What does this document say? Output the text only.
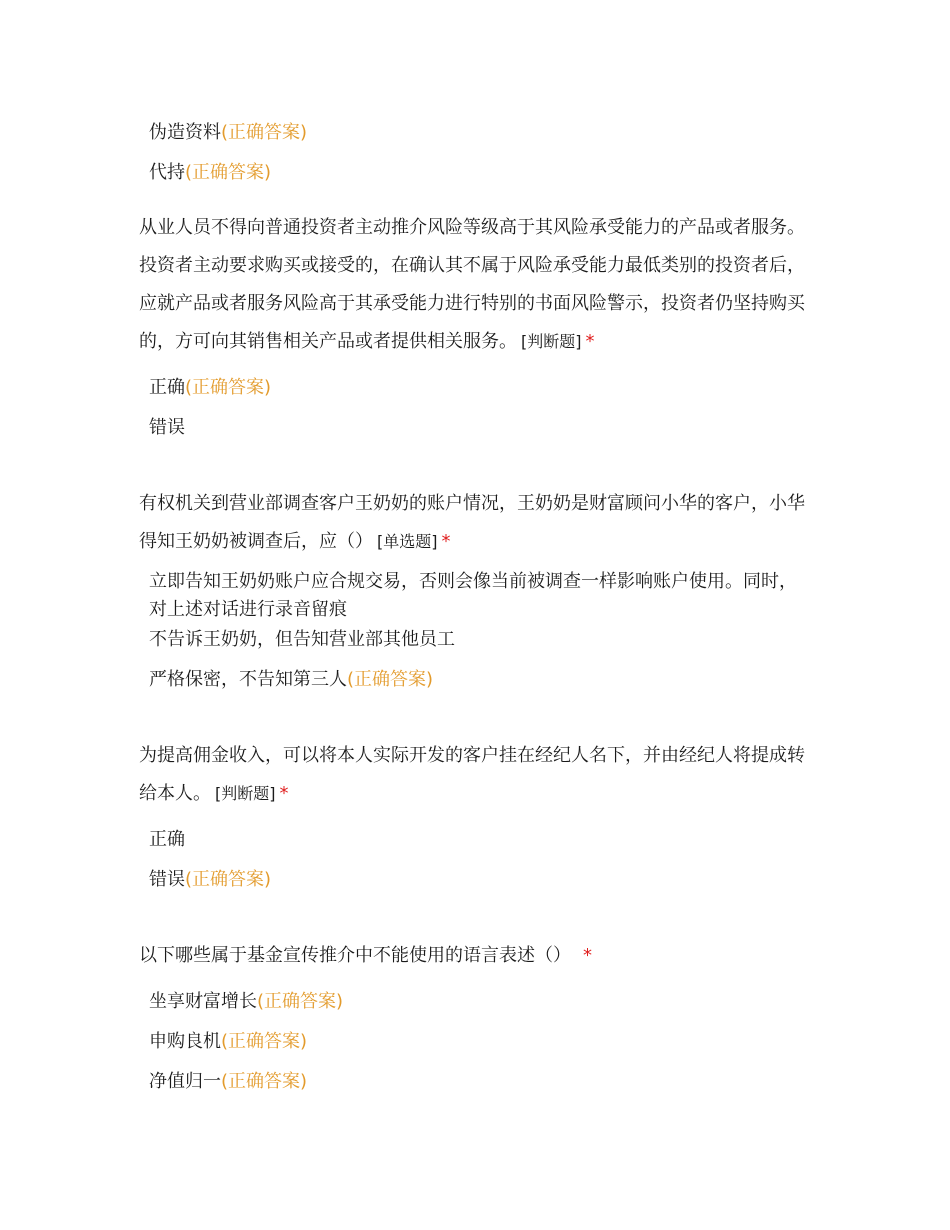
伪造资料(正确答案)
代持(正确答案)
从业人员不得向普通投资者主动推介风险等级高于其风险承受能力的产品或者服务。投资者主动要求购买或接受的，在确认其不属于风险承受能力最低类别的投资者后，应就产品或者服务风险高于其承受能力进行特别的书面风险警示，投资者仍坚持购买的，方可向其销售相关产品或者提供相关服务。 [判断题] *
正确(正确答案)
错误
有权机关到营业部调查客户王奶奶的账户情况，王奶奶是财富顾问小华的客户，小华得知王奶奶被调查后，应（） [单选题] *
立即告知王奶奶账户应合规交易，否则会像当前被调查一样影响账户使用。同时，对上述对话进行录音留痕
不告诉王奶奶，但告知营业部其他员工
严格保密，不告知第三人(正确答案)
为提高佣金收入，可以将本人实际开发的客户挂在经纪人名下，并由经纪人将提成转给本人。 [判断题] *
正确
错误(正确答案)
以下哪些属于基金宣传推介中不能使用的语言表述（） *
坐享财富增长(正确答案)
申购良机(正确答案)
净值归一(正确答案)
